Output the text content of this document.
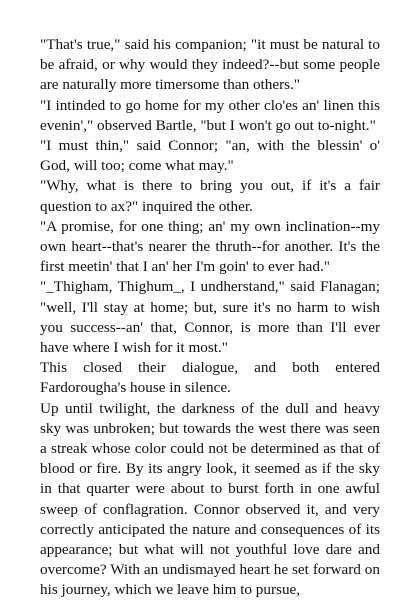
"That's true," said his companion; "it must be natural to be afraid, or why would they indeed?--but some people are naturally more timersome than others."

"I intinded to go home for my other clo'es an' linen this evenin'," observed Bartle, "but I won't go out to-night."

"I must thin," said Connor; "an, with the blessin' o' God, will too; come what may."

"Why, what is there to bring you out, if it's a fair question to ax?" inquired the other.

"A promise, for one thing; an' my own inclination--my own heart--that's nearer the thruth--for another. It's the first meetin' that I an' her I'm goin' to ever had."

"_Thigham, Thighum_, I undherstand," said Flanagan; "well, I'll stay at home; but, sure it's no harm to wish you success--an' that, Connor, is more than I'll ever have where I wish for it most."

This closed their dialogue, and both entered Fardorougha's house in silence.

Up until twilight, the darkness of the dull and heavy sky was unbroken; but towards the west there was seen a streak whose color could not be determined as that of blood or fire. By its angry look, it seemed as if the sky in that quarter were about to burst forth in one awful sweep of conflagration. Connor observed it, and very correctly anticipated the nature and consequences of its appearance; but what will not youthful love dare and overcome? With an undismayed heart he set forward on his journey, which we leave him to pursue,
